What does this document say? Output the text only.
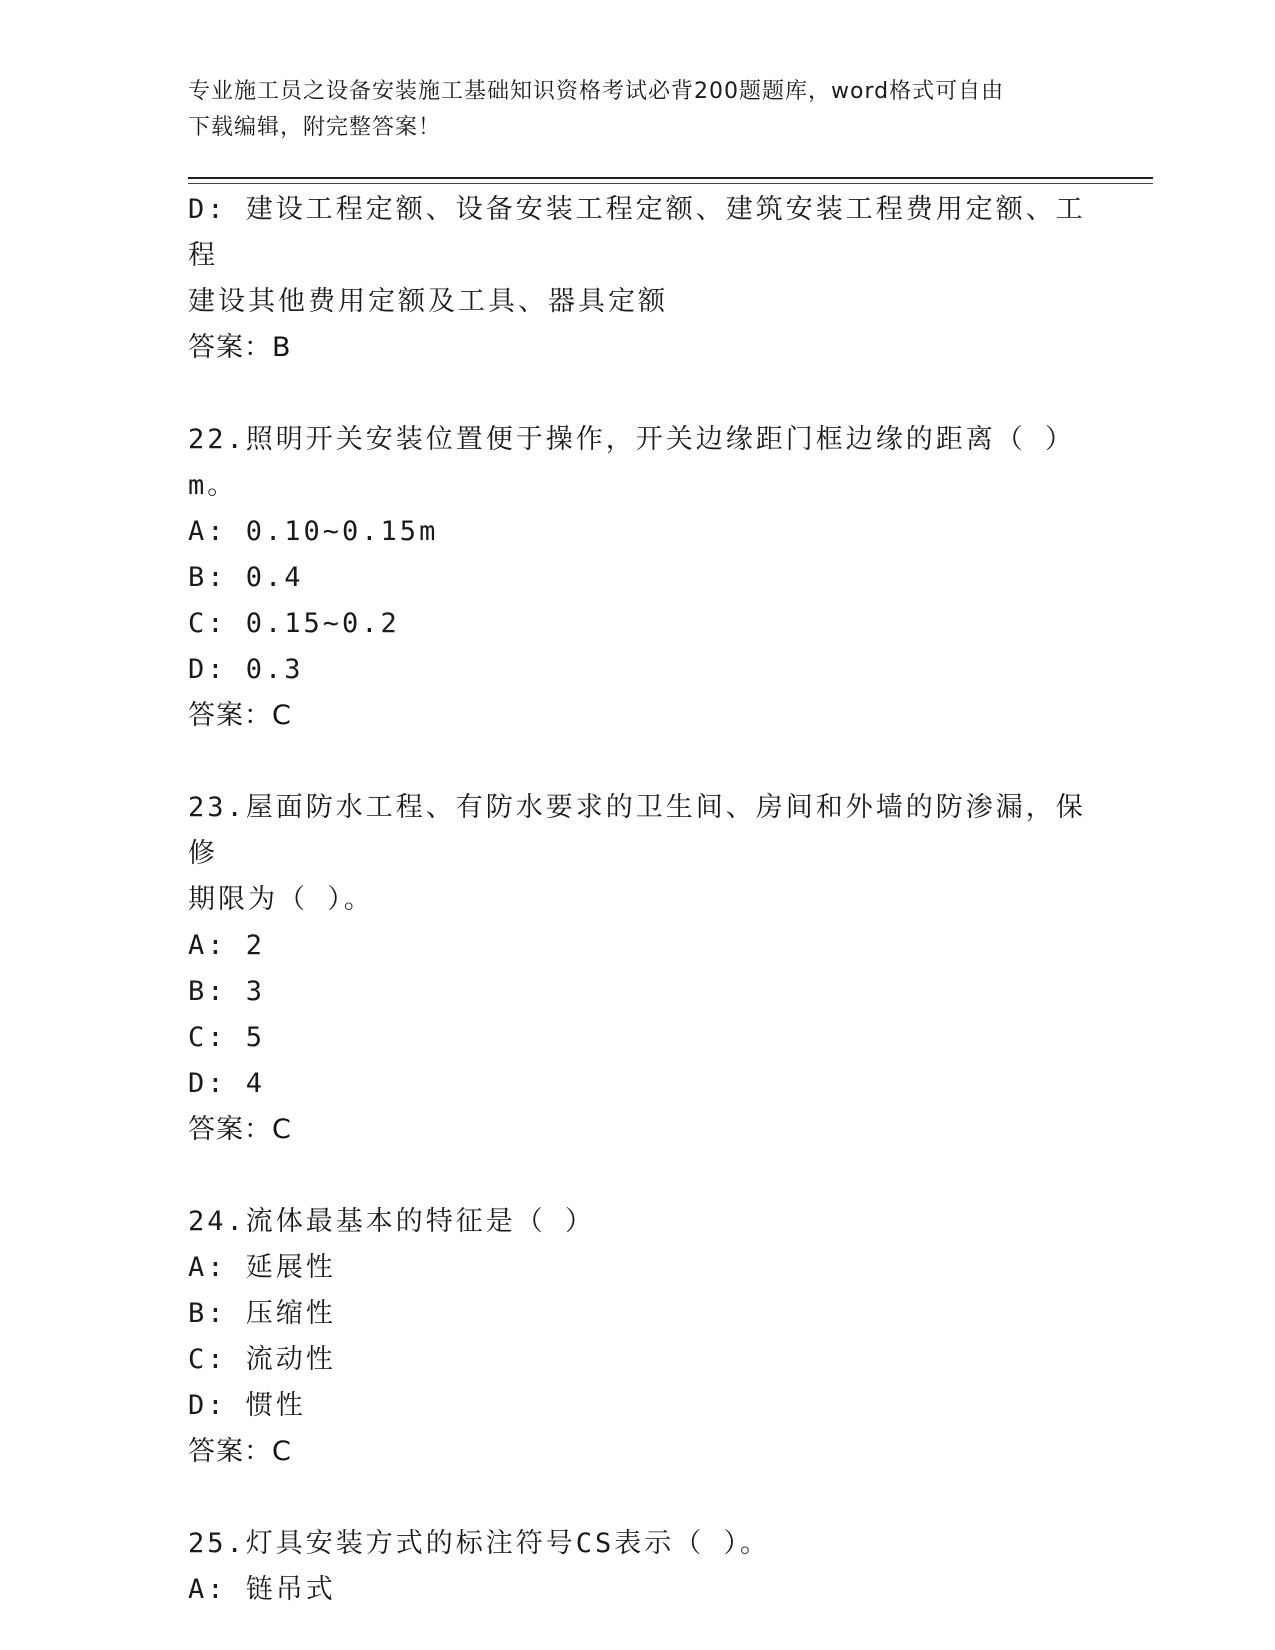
专业施工员之设备安装施工基础知识资格考试必背200题题库，word格式可自由
下载编辑，附完整答案！

D: 建设工程定额、设备安装工程定额、建筑安装工程费用定额、工程

建设其他费用定额及工具、器具定额

答案：B

22.照明开关安装位置便于操作，开关边缘距门框边缘的距离（ ）m。

A: 0.10~0.15m

B: 0.4

C: 0.15~0.2

D: 0.3

答案：C

23.屋面防水工程、有防水要求的卫生间、房间和外墙的防渗漏，保修

期限为（ ）。

A: 2

B: 3

C: 5

D: 4

答案：C

24.流体最基本的特征是（ ）

A: 延展性

B: 压缩性

C: 流动性

D: 惯性

答案：C

25.灯具安装方式的标注符号CS表示（ ）。

A: 链吊式
